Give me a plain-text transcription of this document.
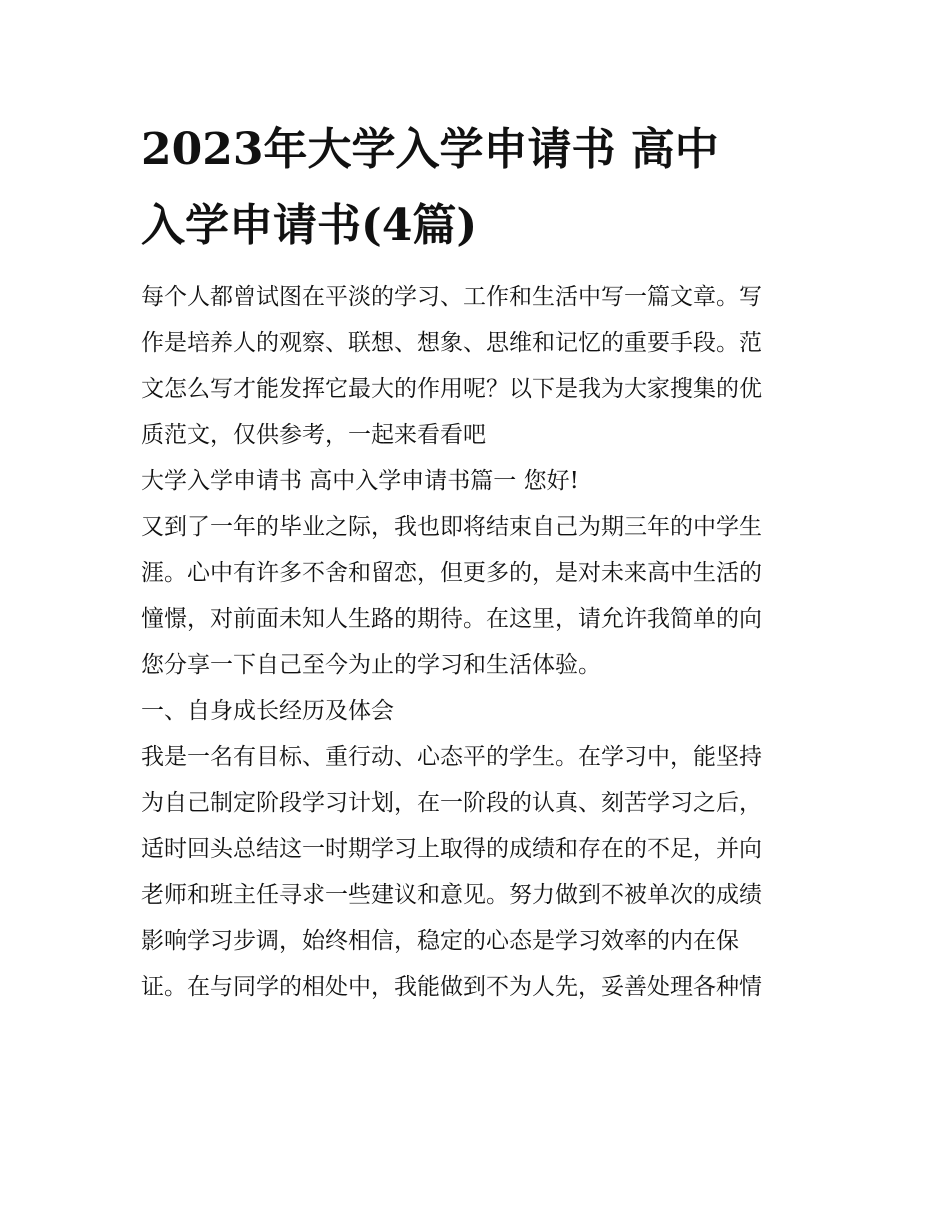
2023年大学入学申请书 高中
入学申请书(4篇)

每个人都曾试图在平淡的学习、工作和生活中写一篇文章。写
作是培养人的观察、联想、想象、思维和记忆的重要手段。范
文怎么写才能发挥它最大的作用呢？以下是我为大家搜集的优
质范文，仅供参考，一起来看看吧

大学入学申请书 高中入学申请书篇一 您好!

又到了一年的毕业之际，我也即将结束自己为期三年的中学生
涯。心中有许多不舍和留恋，但更多的，是对未来高中生活的
憧憬，对前面未知人生路的期待。在这里，请允许我简单的向
您分享一下自己至今为止的学习和生活体验。

一、自身成长经历及体会

我是一名有目标、重行动、心态平的学生。在学习中，能坚持
为自己制定阶段学习计划，在一阶段的认真、刻苦学习之后，
适时回头总结这一时期学习上取得的成绩和存在的不足，并向
老师和班主任寻求一些建议和意见。努力做到不被单次的成绩
影响学习步调，始终相信，稳定的心态是学习效率的内在保
证。在与同学的相处中，我能做到不为人先，妥善处理各种情
